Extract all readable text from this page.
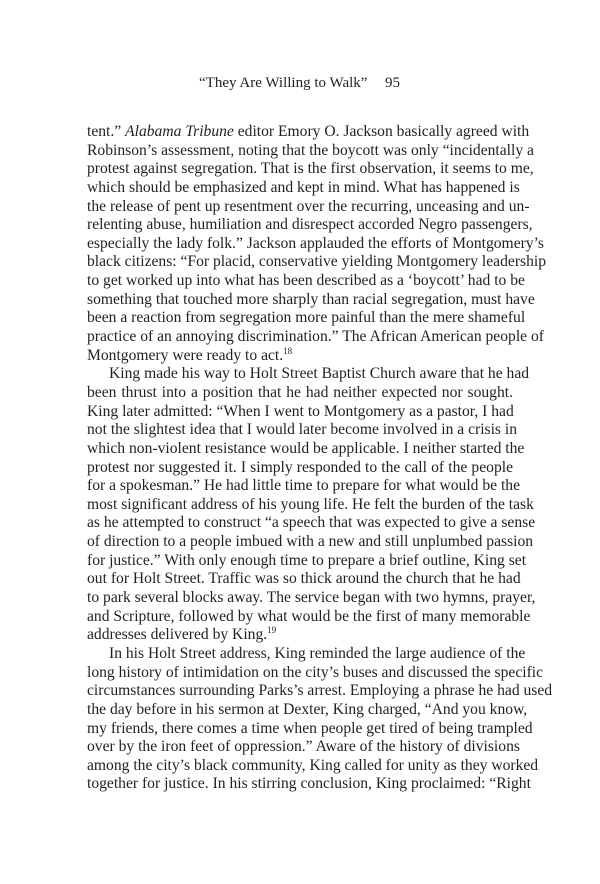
“They Are Willing to Walk” 95
tent.” Alabama Tribune editor Emory O. Jackson basically agreed with
Robinson’s assessment, noting that the boycott was only “incidentally a
protest against segregation. That is the first observation, it seems to me,
which should be emphasized and kept in mind. What has happened is
the release of pent up resentment over the recurring, unceasing and un-
relenting abuse, humiliation and disrespect accorded Negro passengers,
especially the lady folk.” Jackson applauded the efforts of Montgomery’s
black citizens: “For placid, conservative yielding Montgomery leadership
to get worked up into what has been described as a ‘boycott’ had to be
something that touched more sharply than racial segregation, must have
been a reaction from segregation more painful than the mere shameful
practice of an annoying discrimination.” The African American people of
Montgomery were ready to act.$^{18}$
King made his way to Holt Street Baptist Church aware that he had
been thrust into a position that he had neither expected nor sought.
King later admitted: “When I went to Montgomery as a pastor, I had
not the slightest idea that I would later become involved in a crisis in
which non-violent resistance would be applicable. I neither started the
protest nor suggested it. I simply responded to the call of the people
for a spokesman.” He had little time to prepare for what would be the
most significant address of his young life. He felt the burden of the task
as he attempted to construct “a speech that was expected to give a sense
of direction to a people imbued with a new and still unplumbed passion
for justice.” With only enough time to prepare a brief outline, King set
out for Holt Street. Traffic was so thick around the church that he had
to park several blocks away. The service began with two hymns, prayer,
and Scripture, followed by what would be the first of many memorable
addresses delivered by King.$^{19}$
In his Holt Street address, King reminded the large audience of the
long history of intimidation on the city’s buses and discussed the specific
circumstances surrounding Parks’s arrest. Employing a phrase he had used
the day before in his sermon at Dexter, King charged, “And you know,
my friends, there comes a time when people get tired of being trampled
over by the iron feet of oppression.” Aware of the history of divisions
among the city’s black community, King called for unity as they worked
together for justice. In his stirring conclusion, King proclaimed: “Right
